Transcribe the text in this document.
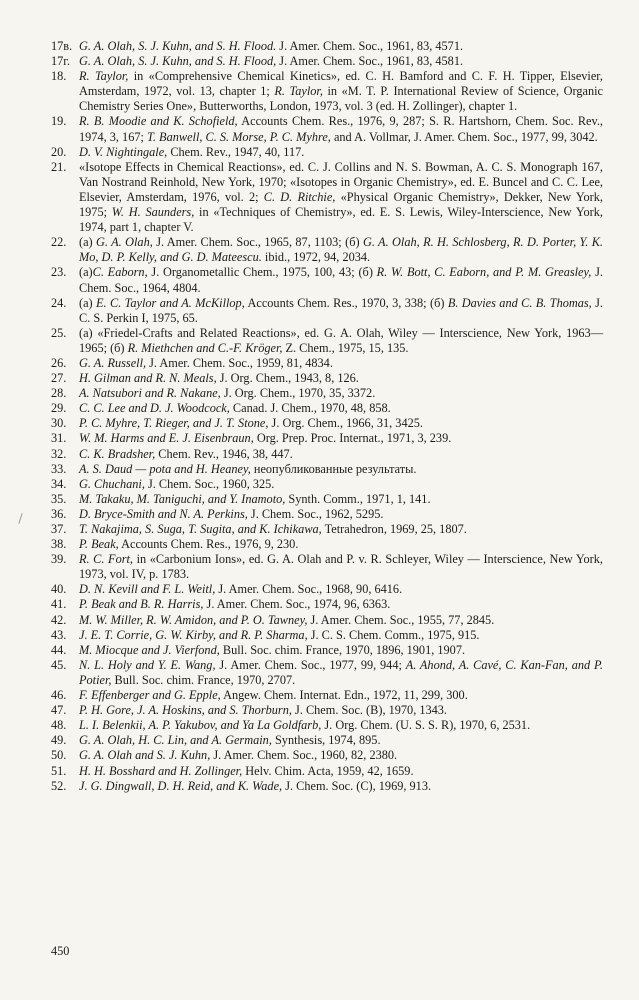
17в. G. A. Olah, S. J. Kuhn, and S. H. Flood. J. Amer. Chem. Soc., 1961, 83, 4571.
17г. G. A. Olah, S. J. Kuhn, and S. H. Flood, J. Amer. Chem. Soc., 1961, 83, 4581.
18.	R. Taylor, in «Comprehensive Chemical Kinetics», ed. C. H. Bamford and C. F. H. Tipper, Elsevier, Amsterdam, 1972, vol. 13, chapter 1; R. Taylor, in «M. T. P. International Review of Science, Organic Chemistry Series One», Butterworths, London, 1973, vol. 3 (ed. H. Zollinger), chapter 1.
19.	R. B. Moodie and K. Schofield, Accounts Chem. Res., 1976, 9, 287; S. R. Hartshorn, Chem. Soc. Rev., 1974, 3, 167; T. Banwell, C. S. Morse, P. C. Myhre, and A. Vollmar, J. Amer. Chem. Soc., 1977, 99, 3042.
20.	D. V. Nightingale, Chem. Rev., 1947, 40, 117.
21.	«Isotope Effects in Chemical Reactions», ed. C. J. Collins and N. S. Bowman, A. C. S. Monograph 167, Van Nostrand Reinhold, New York, 1970; «Isotopes in Organic Chemistry», ed. E. Buncel and C. C. Lee, Elsevier, Amsterdam, 1976, vol. 2; C. D. Ritchie, «Physical Organic Chemistry», Dekker, New York, 1975; W. H. Saunders, in «Techniques of Chemistry», ed. E. S. Lewis, Wiley-Interscience, New York, 1974, part 1, chapter V.
22.	(a) G. A. Olah, J. Amer. Chem. Soc., 1965, 87, 1103; (б) G. A. Olah, R. H. Schlosberg, R. D. Porter, Y. K. Mo, D. P. Kelly, and G. D. Mateescu. ibid., 1972, 94, 2034.
23.	(a)C. Eaborn, J. Organometallic Chem., 1975, 100, 43; (б) R. W. Bott, C. Eaborn, and P. M. Greasley, J. Chem. Soc., 1964, 4804.
24.	(a) E. C. Taylor and A. McKillop, Accounts Chem. Res., 1970, 3, 338; (б) B. Davies and C. B. Thomas, J. C. S. Perkin I, 1975, 65.
25.	(a) «Friedel-Crafts and Related Reactions», ed. G. A. Olah, Wiley — Interscience, New York, 1963—1965; (б) R. Miethchen and C.-F. Kröger, Z. Chem., 1975, 15, 135.
26.	G. A. Russell, J. Amer. Chem. Soc., 1959, 81, 4834.
27.	H. Gilman and R. N. Meals, J. Org. Chem., 1943, 8, 126.
28.	A. Natsubori and R. Nakane, J. Org. Chem., 1970, 35, 3372.
29.	C. C. Lee and D. J. Woodcock, Canad. J. Chem., 1970, 48, 858.
30.	P. C. Myhre, T. Rieger, and J. T. Stone, J. Org. Chem., 1966, 31, 3425.
31.	W. M. Harms and E. J. Eisenbraun, Org. Prep. Proc. Internat., 1971, 3, 239.
32.	C. K. Bradsher, Chem. Rev., 1946, 38, 447.
33.	A. S. Daud — pota and H. Heaney, неопубликованные результаты.
34.	G. Chuchani, J. Chem. Soc., 1960, 325.
35.	M. Takaku, M. Taniguchi, and Y. Inamoto, Synth. Comm., 1971, 1, 141.
36.	D. Bryce-Smith and N. A. Perkins, J. Chem. Soc., 1962, 5295.
37.	T. Nakajima, S. Suga, T. Sugita, and K. Ichikawa, Tetrahedron, 1969, 25, 1807.
38.	P. Beak, Accounts Chem. Res., 1976, 9, 230.
39.	R. C. Fort, in «Carbonium Ions», ed. G. A. Olah and P. v. R. Schleyer, Wiley — Interscience, New York, 1973, vol. IV, p. 1783.
40.	D. N. Kevill and F. L. Weitl, J. Amer. Chem. Soc., 1968, 90, 6416.
41.	P. Beak and B. R. Harris, J. Amer. Chem. Soc., 1974, 96, 6363.
42.	M. W. Miller, R. W. Amidon, and P. O. Tawney, J. Amer. Chem. Soc., 1955, 77, 2845.
43.	J. E. T. Corrie, G. W. Kirby, and R. P. Sharma, J. C. S. Chem. Comm., 1975, 915.
44.	M. Miocque and J. Vierfond, Bull. Soc. chim. France, 1970, 1896, 1901, 1907.
45.	N. L. Holy and Y. E. Wang, J. Amer. Chem. Soc., 1977, 99, 944; A. Ahond, A. Cavé, C. Kan-Fan, and P. Potier, Bull. Soc. chim. France, 1970, 2707.
46.	F. Effenberger and G. Epple, Angew. Chem. Internat. Edn., 1972, 11, 299, 300.
47.	P. H. Gore, J. A. Hoskins, and S. Thorburn, J. Chem. Soc. (B), 1970, 1343.
48.	L. I. Belenkii, A. P. Yakubov, and Ya La Goldfarb, J. Org. Chem. (U. S. S. R), 1970, 6, 2531.
49.	G. A. Olah, H. C. Lin, and A. Germain, Synthesis, 1974, 895.
50.	G. A. Olah and S. J. Kuhn, J. Amer. Chem. Soc., 1960, 82, 2380.
51.	H. H. Bosshard and H. Zollinger, Helv. Chim. Acta, 1959, 42, 1659.
52.	J. G. Dingwall, D. H. Reid, and K. Wade, J. Chem. Soc. (C), 1969, 913.
450
